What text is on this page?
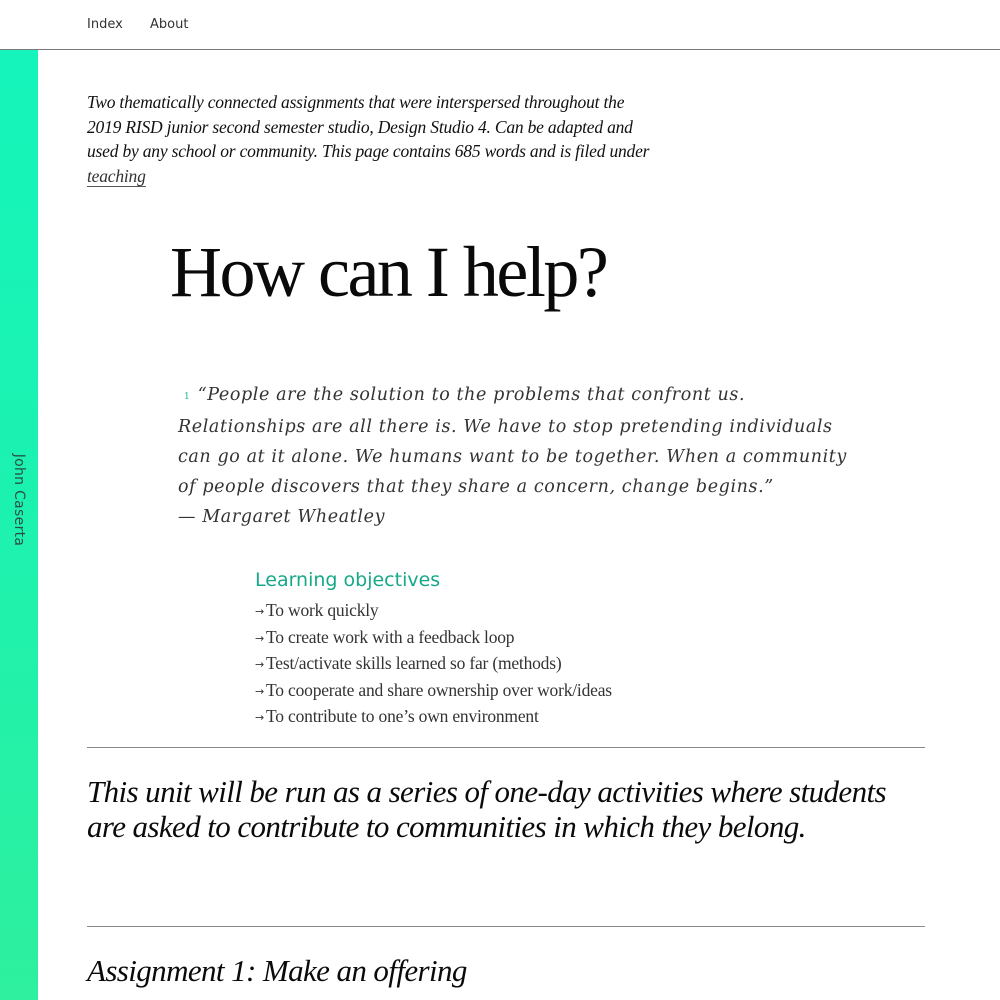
John Caserta
Index About

Two thematically connected assignments that were interspersed throughout the 2019 RISD junior second semester studio, Design Studio 4. Can be adapted and used by any school or community. This page contains 685 words and is filed under teaching

How can I help?
1 “People are the solution to the problems that confront us. Relationships are all there is. We have to stop pretending individuals can go at it alone. We humans want to be together. When a community of people discovers that they share a concern, change begins.”
— Margaret Wheatley
Learning objectives
→ To work quickly
→ To create work with a feedback loop
→ Test/activate skills learned so far (methods)
→ To cooperate and share ownership over work/ideas
→ To contribute to one’s own environment
This unit will be run as a series of one-day activities where students are asked to contribute to communities in which they belong.
Assignment 1: Make an offering
